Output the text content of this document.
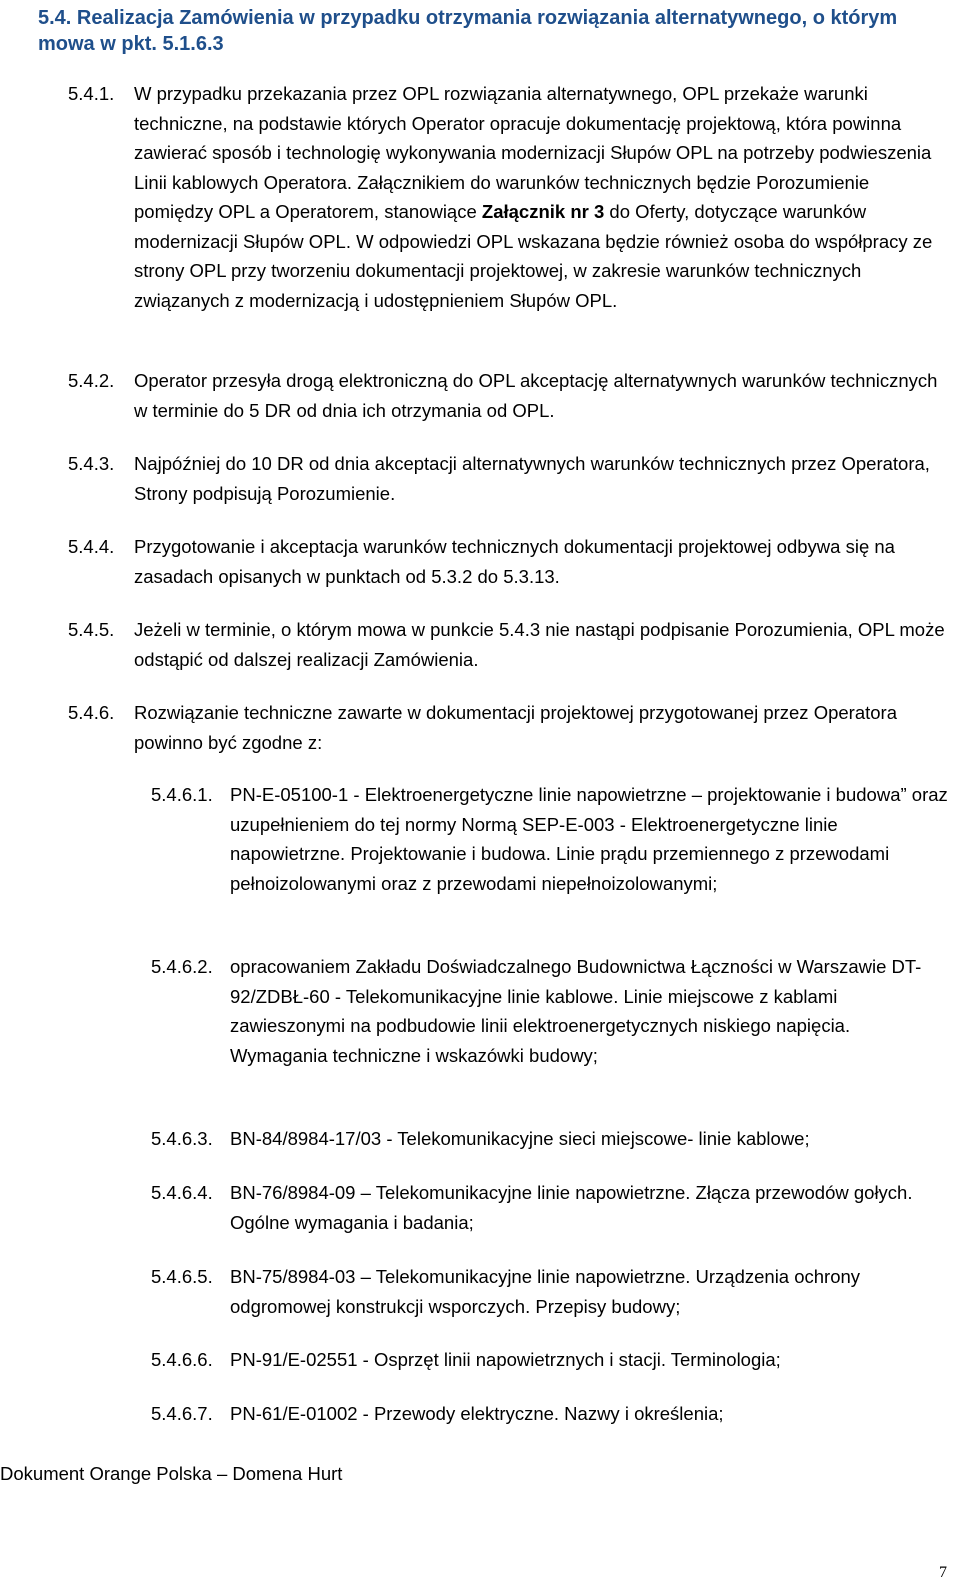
5.4. Realizacja Zamówienia w przypadku otrzymania rozwiązania alternatywnego, o którym mowa w pkt. 5.1.6.3
5.4.1. W przypadku przekazania przez OPL rozwiązania alternatywnego, OPL przekaże warunki techniczne, na podstawie których Operator opracuje dokumentację projektową, która powinna zawierać sposób i technologię wykonywania modernizacji Słupów OPL na potrzeby podwieszenia Linii kablowych Operatora. Załącznikiem do warunków technicznych będzie Porozumienie pomiędzy OPL a Operatorem, stanowiące Załącznik nr 3 do Oferty, dotyczące warunków modernizacji Słupów OPL. W odpowiedzi OPL wskazana będzie również osoba do współpracy ze strony OPL przy tworzeniu dokumentacji projektowej, w zakresie warunków technicznych związanych z modernizacją i udostępnieniem Słupów OPL.
5.4.2. Operator przesyła drogą elektroniczną do OPL akceptację alternatywnych warunków technicznych w terminie do 5 DR od dnia ich otrzymania od OPL.
5.4.3. Najpóźniej do 10 DR od dnia akceptacji alternatywnych warunków technicznych przez Operatora, Strony podpisują Porozumienie.
5.4.4. Przygotowanie i akceptacja warunków technicznych dokumentacji projektowej odbywa się na zasadach opisanych w punktach od 5.3.2 do 5.3.13.
5.4.5. Jeżeli w terminie, o którym mowa w punkcie 5.4.3 nie nastąpi podpisanie Porozumienia, OPL może odstąpić od dalszej realizacji Zamówienia.
5.4.6. Rozwiązanie techniczne zawarte w dokumentacji projektowej przygotowanej przez Operatora powinno być zgodne z:
5.4.6.1. PN-E-05100-1 - Elektroenergetyczne linie napowietrzne – projektowanie i budowa” oraz uzupełnieniem do tej normy Normą SEP-E-003 - Elektroenergetyczne linie napowietrzne. Projektowanie i budowa. Linie prądu przemiennego z przewodami pełnoizolowanymi oraz z przewodami niepełnoizolowanymi;
5.4.6.2. opracowaniem Zakładu Doświadczalnego Budownictwa Łączności w Warszawie DT-92/ZDBŁ-60 - Telekomunikacyjne linie kablowe. Linie miejscowe z kablami zawieszonymi na podbudowie linii elektroenergetycznych niskiego napięcia. Wymagania techniczne i wskazówki budowy;
5.4.6.3. BN-84/8984-17/03 - Telekomunikacyjne sieci miejscowe- linie kablowe;
5.4.6.4. BN-76/8984-09 – Telekomunikacyjne linie napowietrzne. Złącza przewodów gołych. Ogólne wymagania i badania;
5.4.6.5. BN-75/8984-03 – Telekomunikacyjne linie napowietrzne. Urządzenia ochrony odgromowej konstrukcji wsporczych. Przepisy budowy;
5.4.6.6. PN-91/E-02551 - Osprzęt linii napowietrznych i stacji. Terminologia;
5.4.6.7. PN-61/E-01002 - Przewody elektryczne. Nazwy i określenia;
Dokument Orange Polska – Domena Hurt
7
